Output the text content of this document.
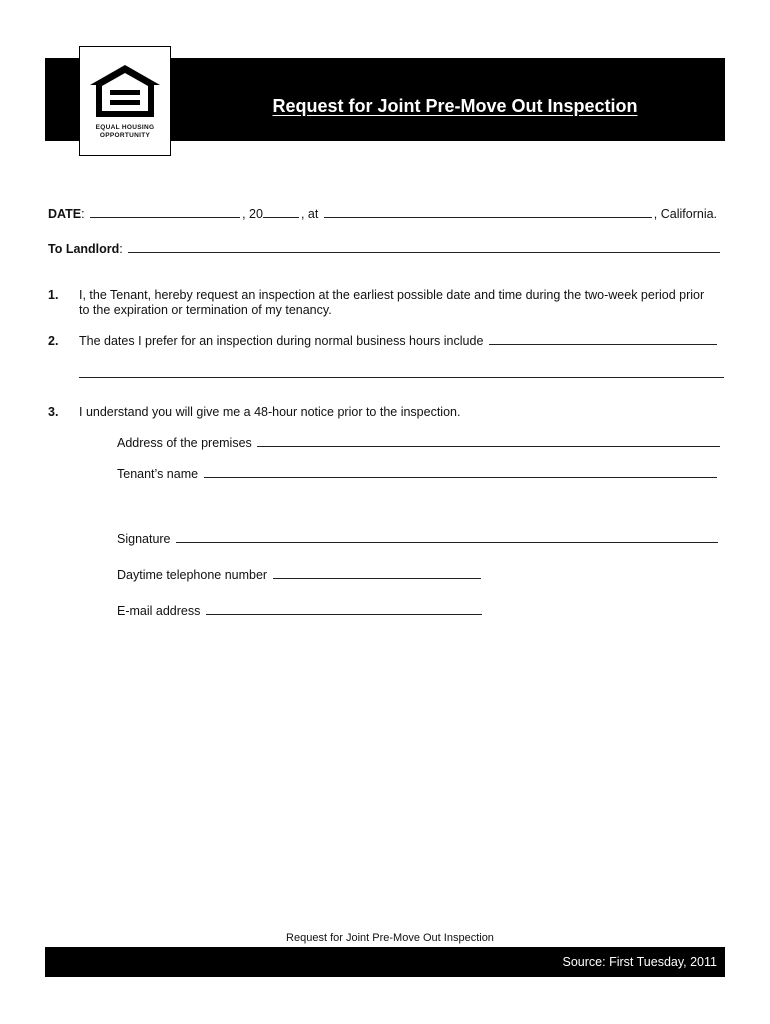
EQUAL HOUSING
OPPORTUNITY
Request for Joint Pre-Move Out Inspection
DATE:	, 20	, at	, California.
To Landlord:
1. I, the Tenant, hereby request an inspection at the earliest possible date and time during the two-week period prior
to the expiration or termination of my tenancy.
2. The dates I prefer for an inspection during normal business hours include
3. I understand you will give me a 48-hour notice prior to the inspection.
Address of the premises
Tenant’s name
Signature
Daytime telephone number
E-mail address
Request for Joint Pre-Move Out Inspection
Source: First Tuesday, 2011
